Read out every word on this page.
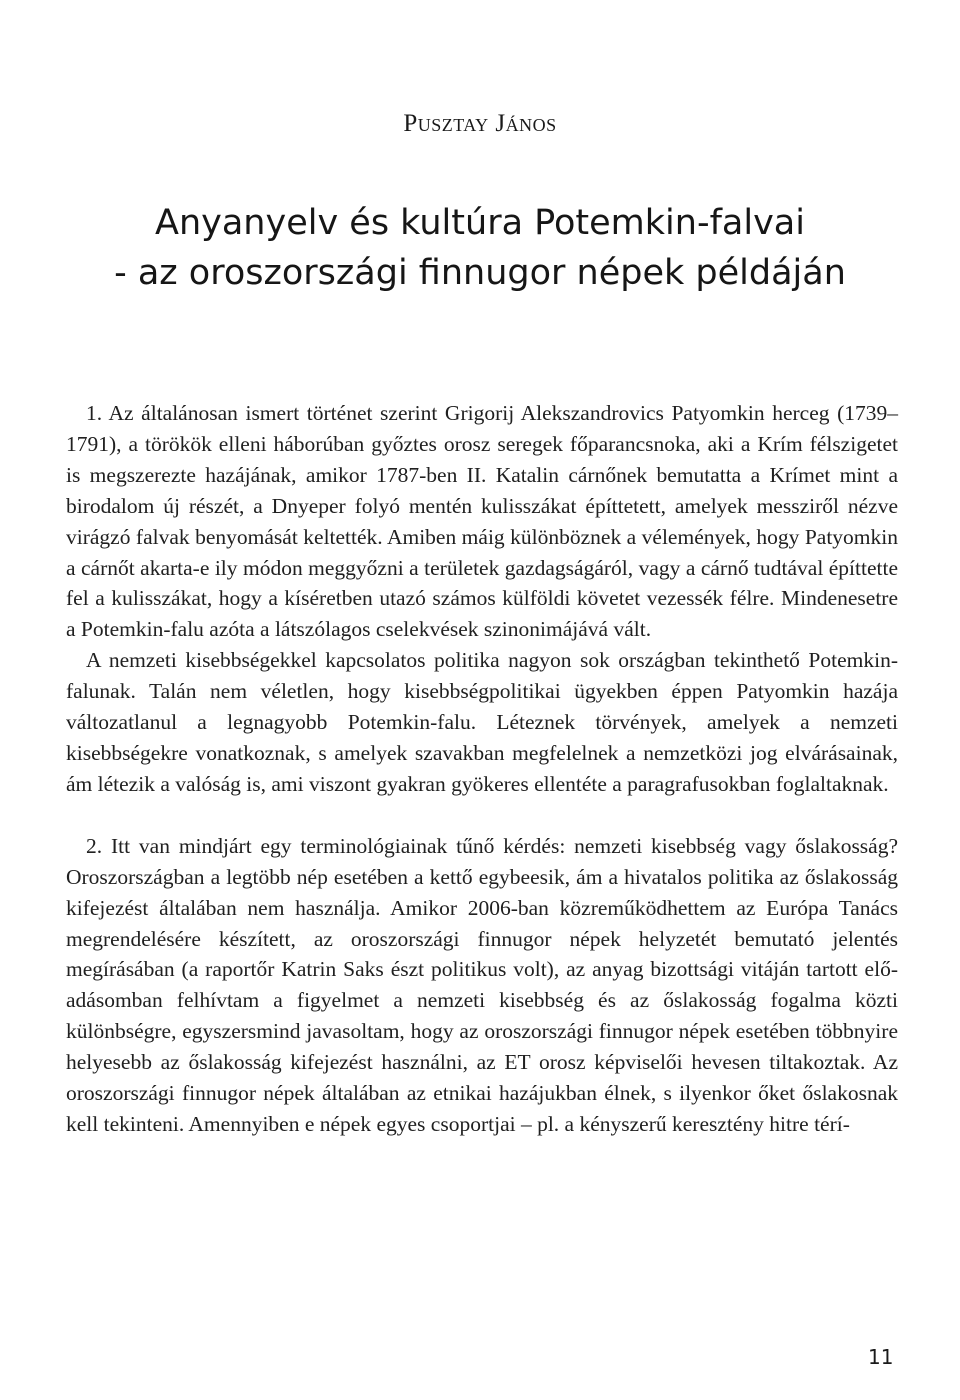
Pusztay János
Anyanyelv és kultúra Potemkin-falvai
- az oroszországi finnugor népek példáján

1. Az általánosan ismert történet szerint Grigorij Alekszandrovics Patyomkin herceg (1739–1791), a törökök elleni háborúban győztes orosz seregek főparancsnoka, aki a Krím félszigetet is megszerezte hazájának, amikor 1787-ben II. Katalin cárnőnek bemutatta a Krímet mint a birodalom új részét, a Dnyeper folyó mentén kulisszákat építtetett, amelyek messziről nézve virágzó falvak benyomását keltették. Amiben máig különböznek a vélemények, hogy Patyomkin a cárnőt akarta-e ily módon meggyőzni a területek gazdagságáról, vagy a cárnő tudtával építtette fel a kulisszákat, hogy a kíséretben utazó számos külföldi követet vezessék félre. Mindenesetre a Potemkin-falu azóta a látszólagos cselekvések szinonimájává vált.

A nemzeti kisebbségekkel kapcsolatos politika nagyon sok országban tekinthető Potemkin-falunak. Talán nem véletlen, hogy kisebbségpolitikai ügyekben éppen Patyomkin hazája változatlanul a legnagyobb Potemkin-falu. Léteznek törvények, amelyek a nemzeti kisebbségekre vonatkoznak, s amelyek szavakban megfelelnek a nemzetközi jog elvárásainak, ám létezik a valóság is, ami viszont gyakran gyökeres ellentéte a paragrafusokban foglaltaknak.

2. Itt van mindjárt egy terminológiainak tűnő kérdés: nemzeti kisebbség vagy őslakosság? Oroszországban a legtöbb nép esetében a kettő egybeesik, ám a hivatalos politika az őslakosság kifejezést általában nem használja. Amikor 2006-ban közreműködhettem az Európa Tanács megrendelésére készített, az oroszországi finnugor népek helyzetét bemutató jelentés megírásában (a raportőr Katrin Saks észt politikus volt), az anyag bizottsági vitáján tartott előadásomban felhívtam a figyelmet a nemzeti kisebbség és az őslakosság fogalma közti különbségre, egyszersmind javasoltam, hogy az oroszországi finnugor népek esetében többnyire helyesebb az őslakosság kifejezést használni, az ET orosz képviselői hevesen tiltakoztak. Az oroszországi finnugor népek általában az etnikai hazájukban élnek, s ilyenkor őket őslakosnak kell tekinteni. Amennyiben e népek egyes csoportjai – pl. a kényszerű keresztény hitre térí-

11
